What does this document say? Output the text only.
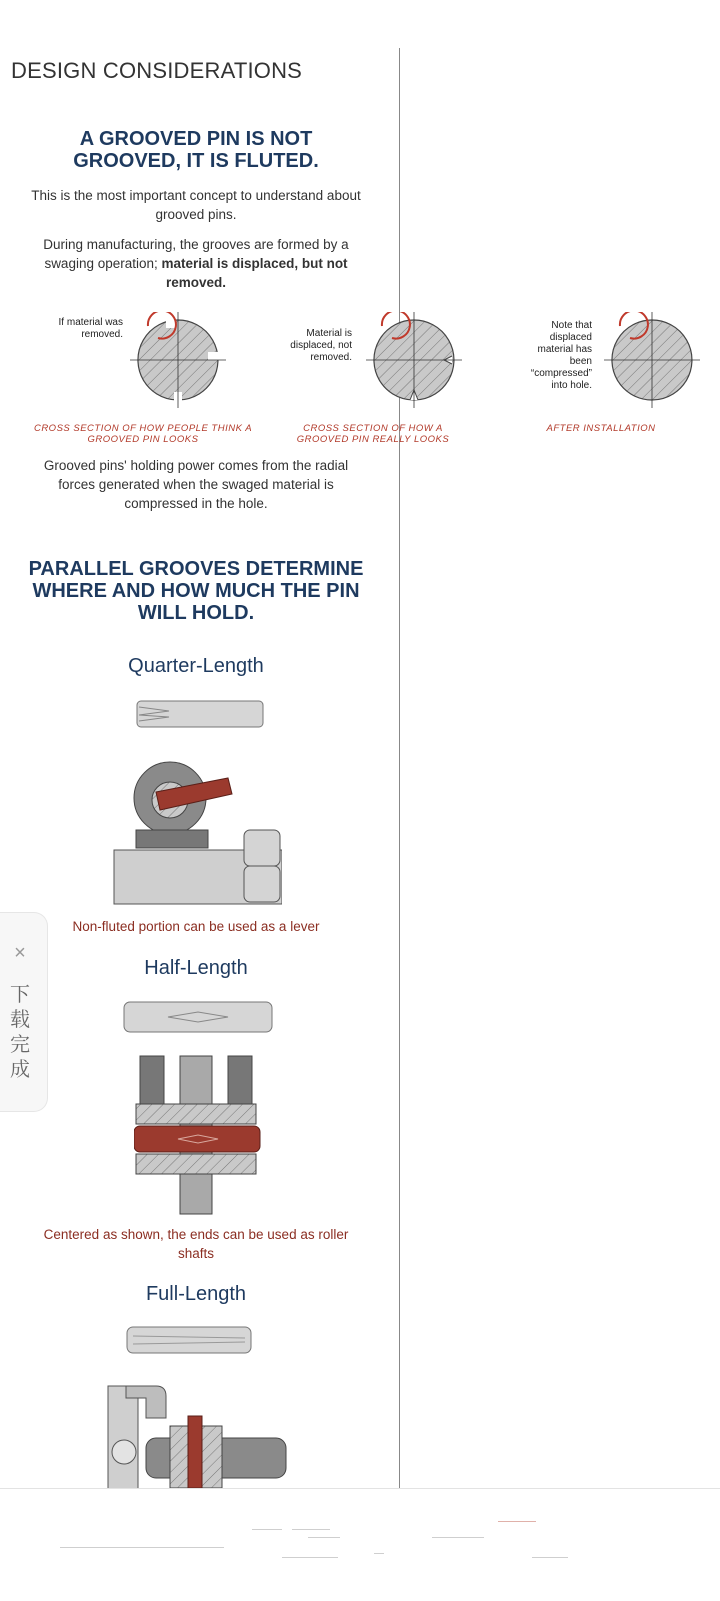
DESIGN CONSIDERATIONS
A GROOVED PIN IS NOT GROOVED, IT IS FLUTED.

This is the most important concept to understand about grooved pins.

During manufacturing, the grooves are formed by a swaging operation; material is displaced, but not removed.

If material was removed.
CROSS SECTION OF HOW PEOPLE THINK A GROOVED PIN LOOKS
Material is displaced, not removed.
CROSS SECTION OF HOW A GROOVED PIN REALLY LOOKS
Note that displaced material has been “compressed” into hole.
AFTER INSTALLATION

Grooved pins' holding power comes from the radial forces generated when the swaged material is compressed in the hole.

PARALLEL GROOVES DETERMINE WHERE AND HOW MUCH THE PIN WILL HOLD.
Quarter-Length
Non-fluted portion can be used as a lever
Half-Length
Centered as shown, the ends can be used as roller shafts
Full-Length
×
下载完成
